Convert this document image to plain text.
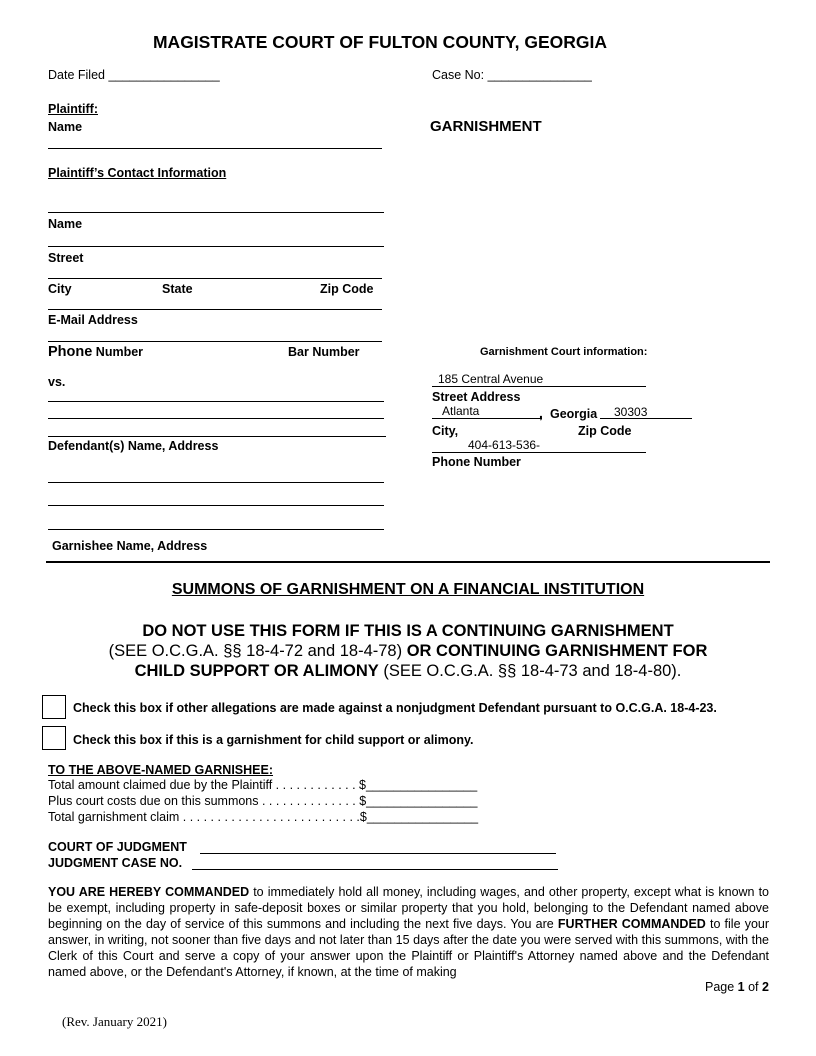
MAGISTRATE COURT OF FULTON COUNTY, GEORGIA
Date Filed ________________	Case No: _______________
Plaintiff:
Name	GARNISHMENT
Plaintiff’s Contact Information
Name
Street
City	State	Zip Code
E-Mail Address
Phone Number	Bar Number	Garnishment Court information:
185 Central Avenue
Street Address
Atlanta	, Georgia 30303
City,	Zip Code
404-613-536-
Phone Number
vs.
Defendant(s) Name, Address
Garnishee Name, Address
SUMMONS OF GARNISHMENT ON A FINANCIAL INSTITUTION
DO NOT USE THIS FORM IF THIS IS A CONTINUING GARNISHMENT
(SEE O.C.G.A. §§ 18-4-72 and 18-4-78) OR CONTINUING GARNISHMENT FOR
CHILD SUPPORT OR ALIMONY (SEE O.C.G.A. §§ 18-4-73 and 18-4-80).
Check this box if other allegations are made against a nonjudgment Defendant pursuant to O.C.G.A. 18-4-23.
Check this box if this is a garnishment for child support or alimony.
TO THE ABOVE-NAMED GARNISHEE:
Total amount claimed due by the Plaintiff . . . . . . . . . . . . $________________
Plus court costs due on this summons . . . . . . . . . . . . . . $________________
Total garnishment claim . . . . . . . . . . . . . . . . . . . . . . . . . .$________________
COURT OF JUDGMENT
JUDGMENT CASE NO.
YOU ARE HEREBY COMMANDED to immediately hold all money, including wages, and other property, except what is known to be exempt, including property in safe-deposit boxes or similar property that you hold, belonging to the Defendant named above beginning on the day of service of this summons and including the next five days. You are FURTHER COMMANDED to file your answer, in writing, not sooner than five days and not later than 15 days after the date you were served with this summons, with the Clerk of this Court and serve a copy of your answer upon the Plaintiff or Plaintiff's Attorney named above and the Defendant named above, or the Defendant's Attorney, if known, at the time of making
Page 1 of 2
(Rev. January 2021)
